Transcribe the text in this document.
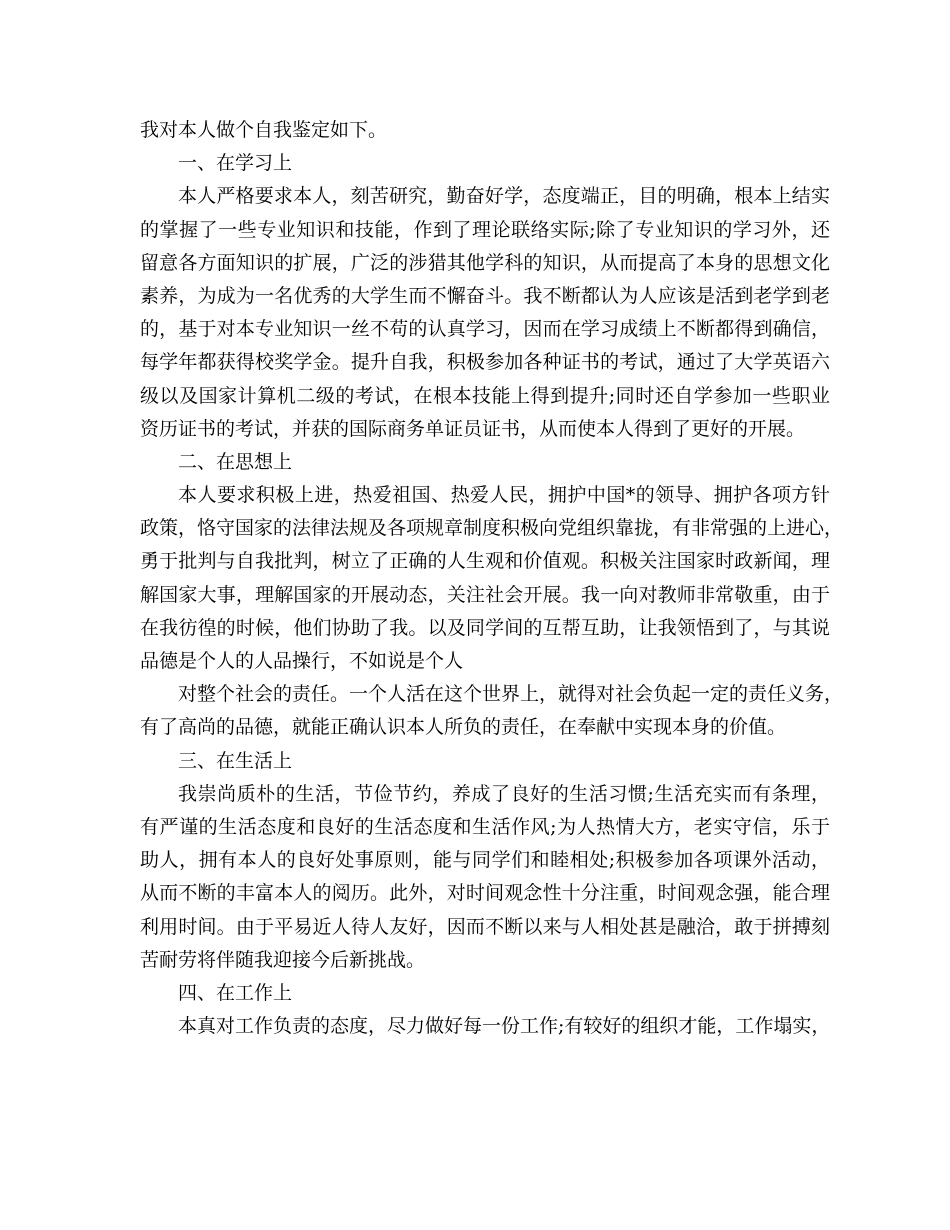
我对本人做个自我鉴定如下。
一、在学习上
本人严格要求本人，刻苦研究，勤奋好学，态度端正，目的明确，根本上结实
的掌握了一些专业知识和技能，作到了理论联络实际;除了专业知识的学习外，还
留意各方面知识的扩展，广泛的涉猎其他学科的知识，从而提高了本身的思想文化
素养，为成为一名优秀的大学生而不懈奋斗。我不断都认为人应该是活到老学到老
的，基于对本专业知识一丝不苟的认真学习，因而在学习成绩上不断都得到确信，
每学年都获得校奖学金。提升自我，积极参加各种证书的考试，通过了大学英语六
级以及国家计算机二级的考试，在根本技能上得到提升;同时还自学参加一些职业
资历证书的考试，并获的国际商务单证员证书，从而使本人得到了更好的开展。
二、在思想上
本人要求积极上进，热爱祖国、热爱人民，拥护中国*的领导、拥护各项方针
政策，恪守国家的法律法规及各项规章制度积极向党组织靠拢，有非常强的上进心，
勇于批判与自我批判，树立了正确的人生观和价值观。积极关注国家时政新闻，理
解国家大事，理解国家的开展动态，关注社会开展。我一向对教师非常敬重，由于
在我彷徨的时候，他们协助了我。以及同学间的互帮互助，让我领悟到了，与其说
品德是个人的人品操行，不如说是个人
对整个社会的责任。一个人活在这个世界上，就得对社会负起一定的责任义务，
有了高尚的品德，就能正确认识本人所负的责任，在奉献中实现本身的价值。
三、在生活上
我崇尚质朴的生活，节俭节约，养成了良好的生活习惯;生活充实而有条理，
有严谨的生活态度和良好的生活态度和生活作风;为人热情大方，老实守信，乐于
助人，拥有本人的良好处事原则，能与同学们和睦相处;积极参加各项课外活动，
从而不断的丰富本人的阅历。此外，对时间观念性十分注重，时间观念强，能合理
利用时间。由于平易近人待人友好，因而不断以来与人相处甚是融洽，敢于拼搏刻
苦耐劳将伴随我迎接今后新挑战。
四、在工作上
本真对工作负责的态度，尽力做好每一份工作;有较好的组织才能，工作塌实，
